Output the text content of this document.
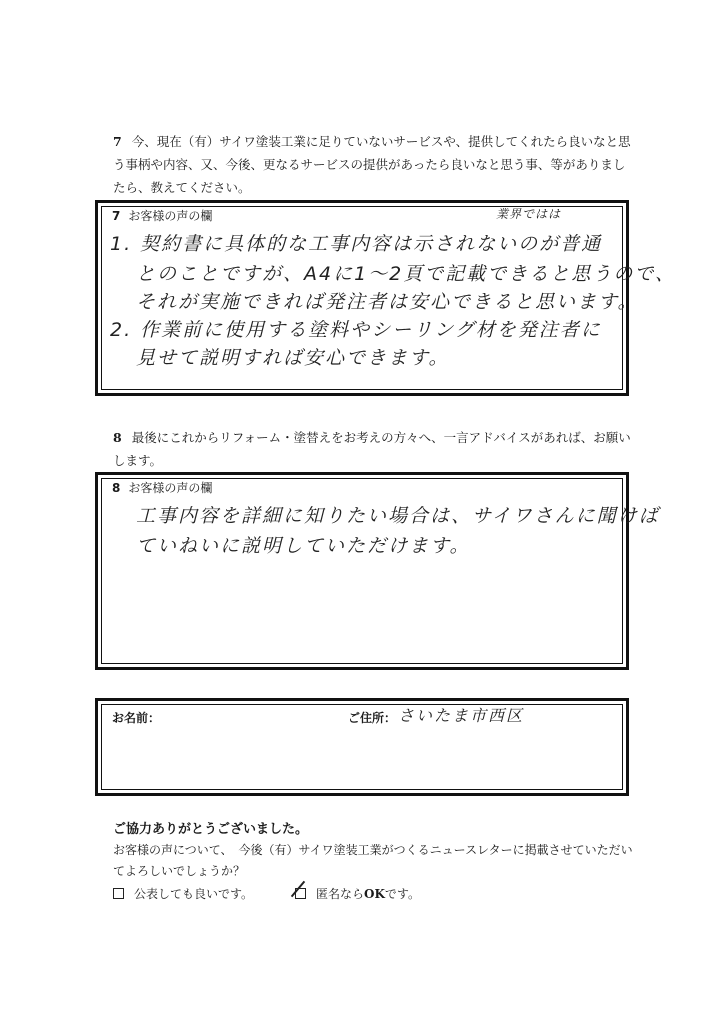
7 今、現在（有）サイワ塗装工業に足りていないサービスや、提供してくれたら良いなと思う事柄や内容、又、今後、更なるサービスの提供があったら良いなと思う事、等がありましたら、教えてください。
7 お客様の声の欄	業界ではは
1. 契約書に具体的な工事内容は示されないのが普通
とのことですが、A4に1〜2頁で記載できると思うので、
それが実施できれば発注者は安心できると思います。
2. 作業前に使用する塗料やシーリング材を発注者に
見せて説明すれば安心できます。
8 最後にこれからリフォーム・塗替えをお考えの方々へ、一言アドバイスがあれば、お願いします。
8 お客様の声の欄
工事内容を詳細に知りたい場合は、サイワさんに聞けば
ていねいに説明していただけます。
お名前：	ご住所： さいたま市西区
ご協力ありがとうございました。
お客様の声について、　今後（有）サイワ塗装工業がつくるニュースレターに掲載させていただいてよろしいでしょうか？
公表しても良いです。	匿名ならOKです。
